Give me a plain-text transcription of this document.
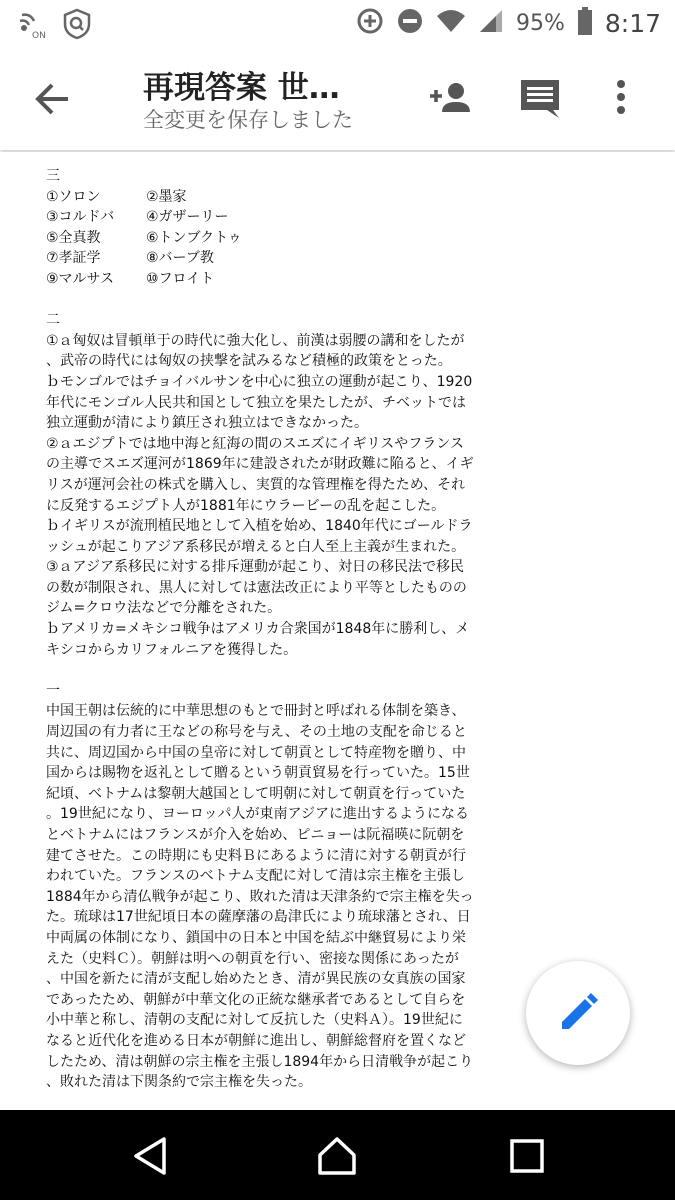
ON
95% 8:17
再現答案 世…
全変更を保存しました
三
①ソロン	②墨家
③コルドバ	④ガザーリー
⑤全真教	⑥トンブクトゥ
⑦孝証学	⑧バーブ教
⑨マルサス	⑩フロイト
二
①ａ匈奴は冒頓単于の時代に強大化し、前漢は弱腰の講和をしたが
、武帝の時代には匈奴の挟撃を試みるなど積極的政策をとった。
ｂモンゴルではチョイバルサンを中心に独立の運動が起こり、1920
年代にモンゴル人民共和国として独立を果たしたが、チベットでは
独立運動が清により鎮圧され独立はできなかった。
②ａエジプトでは地中海と紅海の間のスエズにイギリスやフランス
の主導でスエズ運河が1869年に建設されたが財政難に陥ると、イギ
リスが運河会社の株式を購入し、実質的な管理権を得たため、それ
に反発するエジプト人が1881年にウラービーの乱を起こした。
ｂイギリスが流刑植民地として入植を始め、1840年代にゴールドラ
ッシュが起こりアジア系移民が増えると白人至上主義が生まれた。
③ａアジア系移民に対する排斥運動が起こり、対日の移民法で移民
の数が制限され、黒人に対しては憲法改正により平等としたものの
ジム=クロウ法などで分離をされた。
ｂアメリカ=メキシコ戦争はアメリカ合衆国が1848年に勝利し、メ
キシコからカリフォルニアを獲得した。
一
中国王朝は伝統的に中華思想のもとで冊封と呼ばれる体制を築き、
周辺国の有力者に王などの称号を与え、その土地の支配を命じると
共に、周辺国から中国の皇帝に対して朝貢として特産物を贈り、中
国からは賜物を返礼として贈るという朝貢貿易を行っていた。15世
紀頃、ベトナムは黎朝大越国として明朝に対して朝貢を行っていた
。19世紀になり、ヨーロッパ人が東南アジアに進出するようになる
とベトナムにはフランスが介入を始め、ピニョーは阮福暎に阮朝を
建てさせた。この時期にも史料Ｂにあるように清に対する朝貢が行
われていた。フランスのベトナム支配に対して清は宗主権を主張し
1884年から清仏戦争が起こり、敗れた清は天津条約で宗主権を失っ
た。琉球は17世紀頃日本の薩摩藩の島津氏により琉球藩とされ、日
中両属の体制になり、鎖国中の日本と中国を結ぶ中継貿易により栄
えた（史料Ｃ）。朝鮮は明への朝貢を行い、密接な関係にあったが
、中国を新たに清が支配し始めたとき、清が異民族の女真族の国家
であったため、朝鮮が中華文化の正統な継承者であるとして自らを
小中華と称し、清朝の支配に対して反抗した（史料Ａ）。19世紀に
なると近代化を進める日本が朝鮮に進出し、朝鮮総督府を置くなど
したため、清は朝鮮の宗主権を主張し1894年から日清戦争が起こり
、敗れた清は下関条約で宗主権を失った。
